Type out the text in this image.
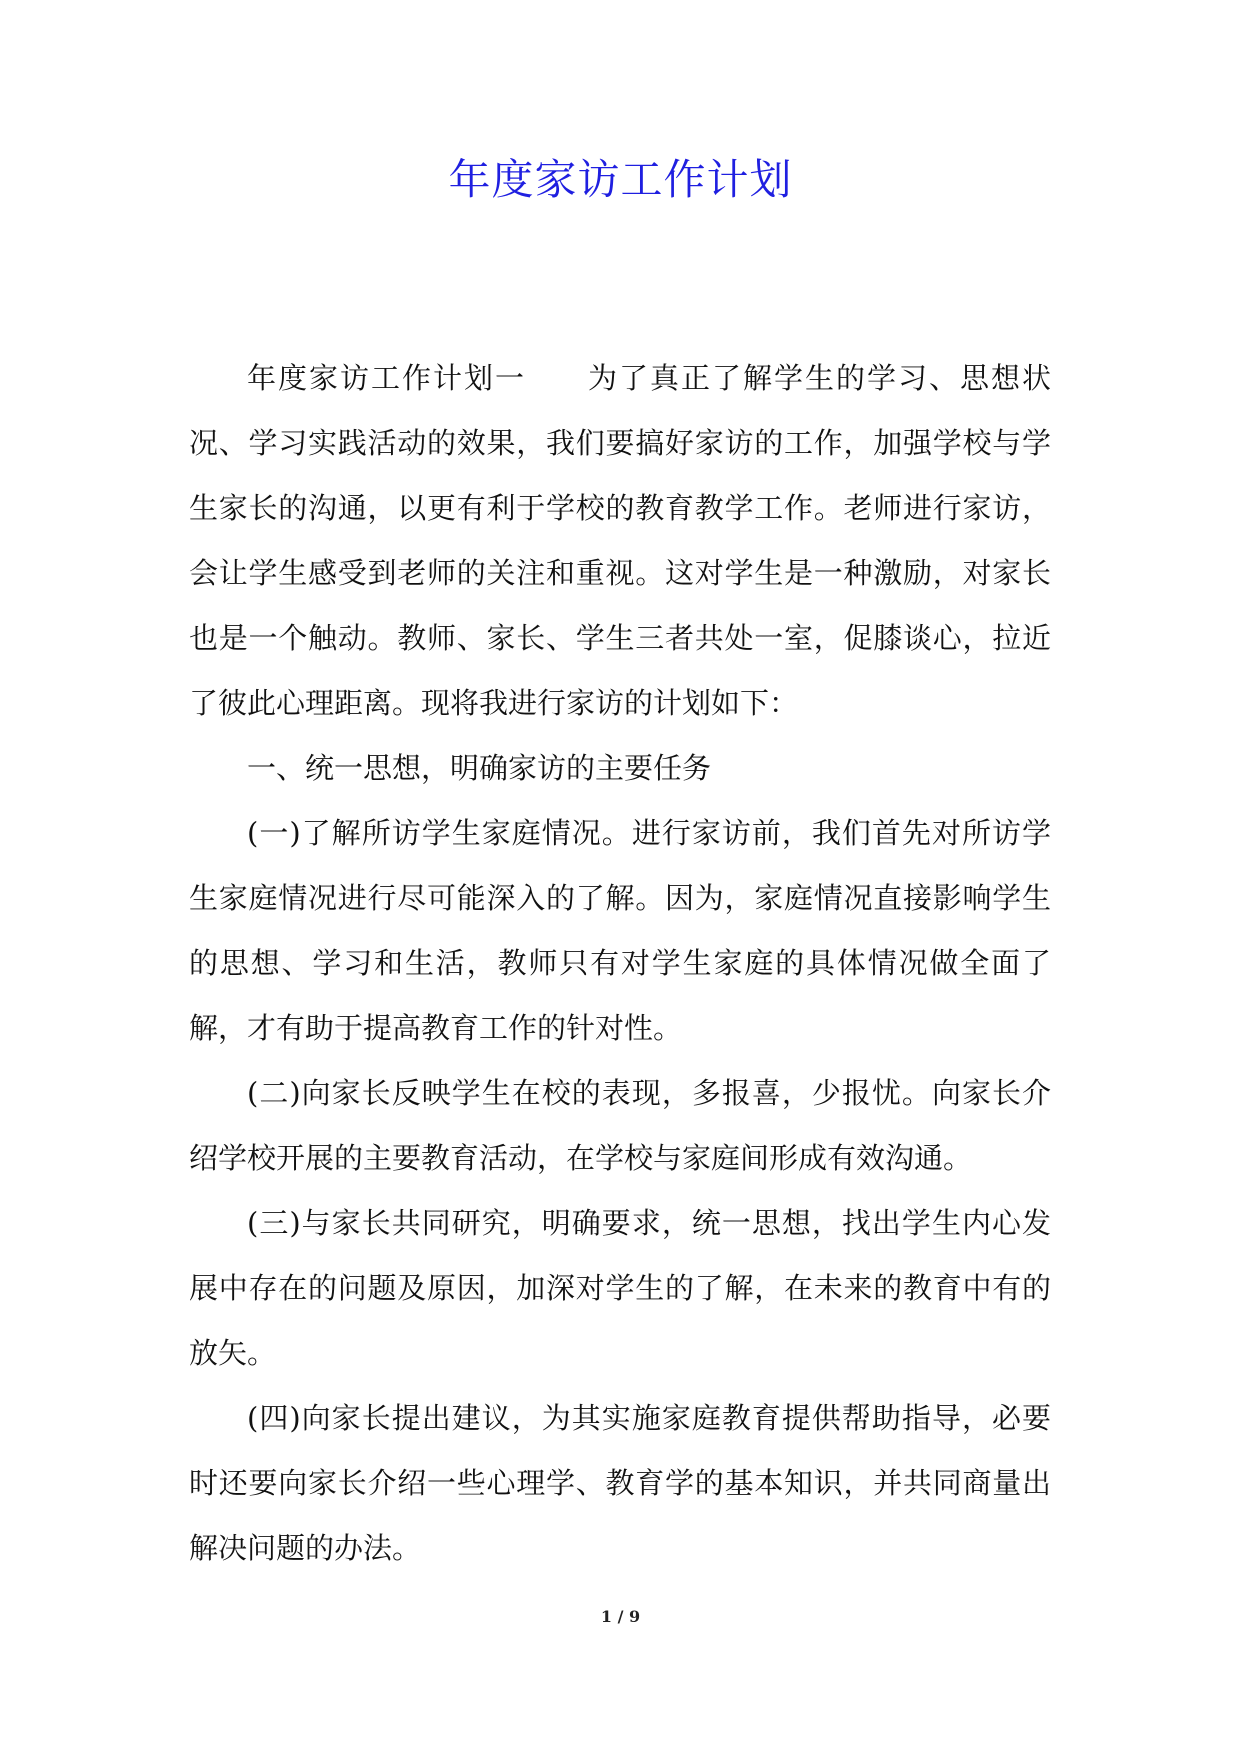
年度家访工作计划

年度家访工作计划一　　为了真正了解学生的学习、思想状况、学习实践活动的效果，我们要搞好家访的工作，加强学校与学生家长的沟通，以更有利于学校的教育教学工作。老师进行家访，会让学生感受到老师的关注和重视。这对学生是一种激励，对家长也是一个触动。教师、家长、学生三者共处一室，促膝谈心，拉近了彼此心理距离。现将我进行家访的计划如下：

一、统一思想，明确家访的主要任务

(一)了解所访学生家庭情况。进行家访前，我们首先对所访学生家庭情况进行尽可能深入的了解。因为，家庭情况直接影响学生的思想、学习和生活，教师只有对学生家庭的具体情况做全面了解，才有助于提高教育工作的针对性。

(二)向家长反映学生在校的表现，多报喜，少报忧。向家长介绍学校开展的主要教育活动，在学校与家庭间形成有效沟通。

(三)与家长共同研究，明确要求，统一思想，找出学生内心发展中存在的问题及原因，加深对学生的了解，在未来的教育中有的放矢。

(四)向家长提出建议，为其实施家庭教育提供帮助指导，必要时还要向家长介绍一些心理学、教育学的基本知识，并共同商量出解决问题的办法。

1 / 9
